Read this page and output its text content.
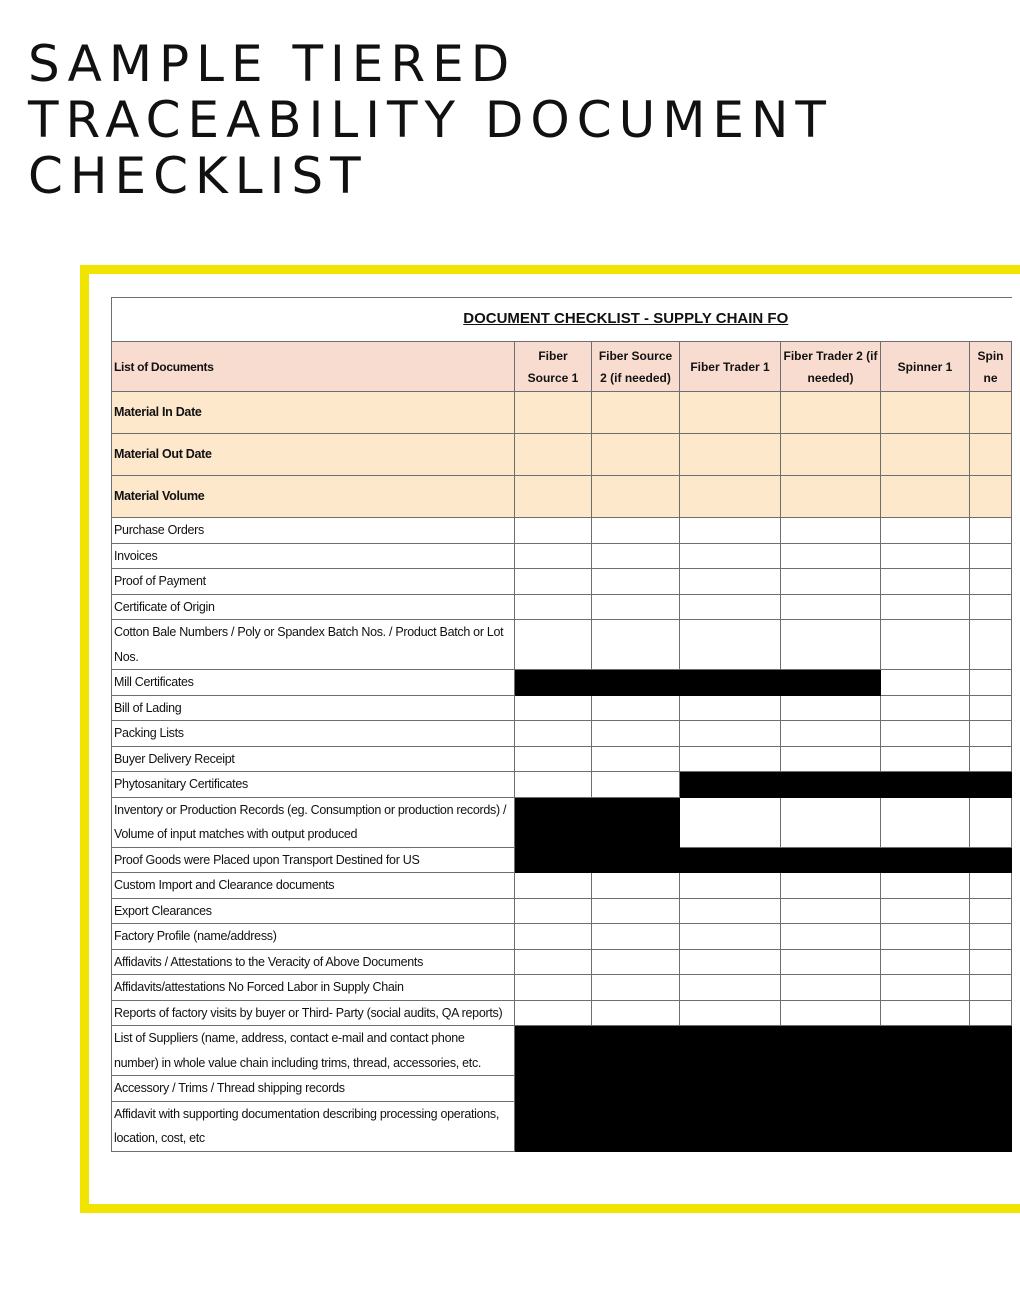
SAMPLE TIERED
TRACEABILITY DOCUMENT
CHECKLIST
DOCUMENT CHECKLIST - SUPPLY CHAIN FO						
List of Documents	Fiber Source 1	Fiber Source 2 (if needed)	Fiber Trader 1	Fiber Trader 2 (if needed)	Spinner 1	Spin ne
Material In Date						
Material Out Date						
Material Volume						
Purchase Orders						
Invoices						
Proof of Payment						
Certificate of Origin						
Cotton Bale Numbers / Poly or Spandex Batch Nos. / Product Batch or Lot Nos.						
Mill Certificates						
Bill of Lading						
Packing Lists						
Buyer Delivery Receipt						
Phytosanitary Certificates						
Inventory or Production Records (eg. Consumption or production records) / Volume of input matches with output produced						
Proof Goods were Placed upon Transport Destined for US						
Custom Import and Clearance documents						
Export Clearances						
Factory Profile (name/address)						
Affidavits / Attestations to the Veracity of Above Documents						
Affidavits/attestations No Forced Labor in Supply Chain						
Reports of factory visits by buyer or Third- Party (social audits, QA reports)						
List of Suppliers (name, address, contact e-mail and contact phone number) in whole value chain including trims, thread, accessories, etc.						
Accessory / Trims / Thread shipping records						
Affidavit with supporting documentation describing processing operations, location, cost, etc						
